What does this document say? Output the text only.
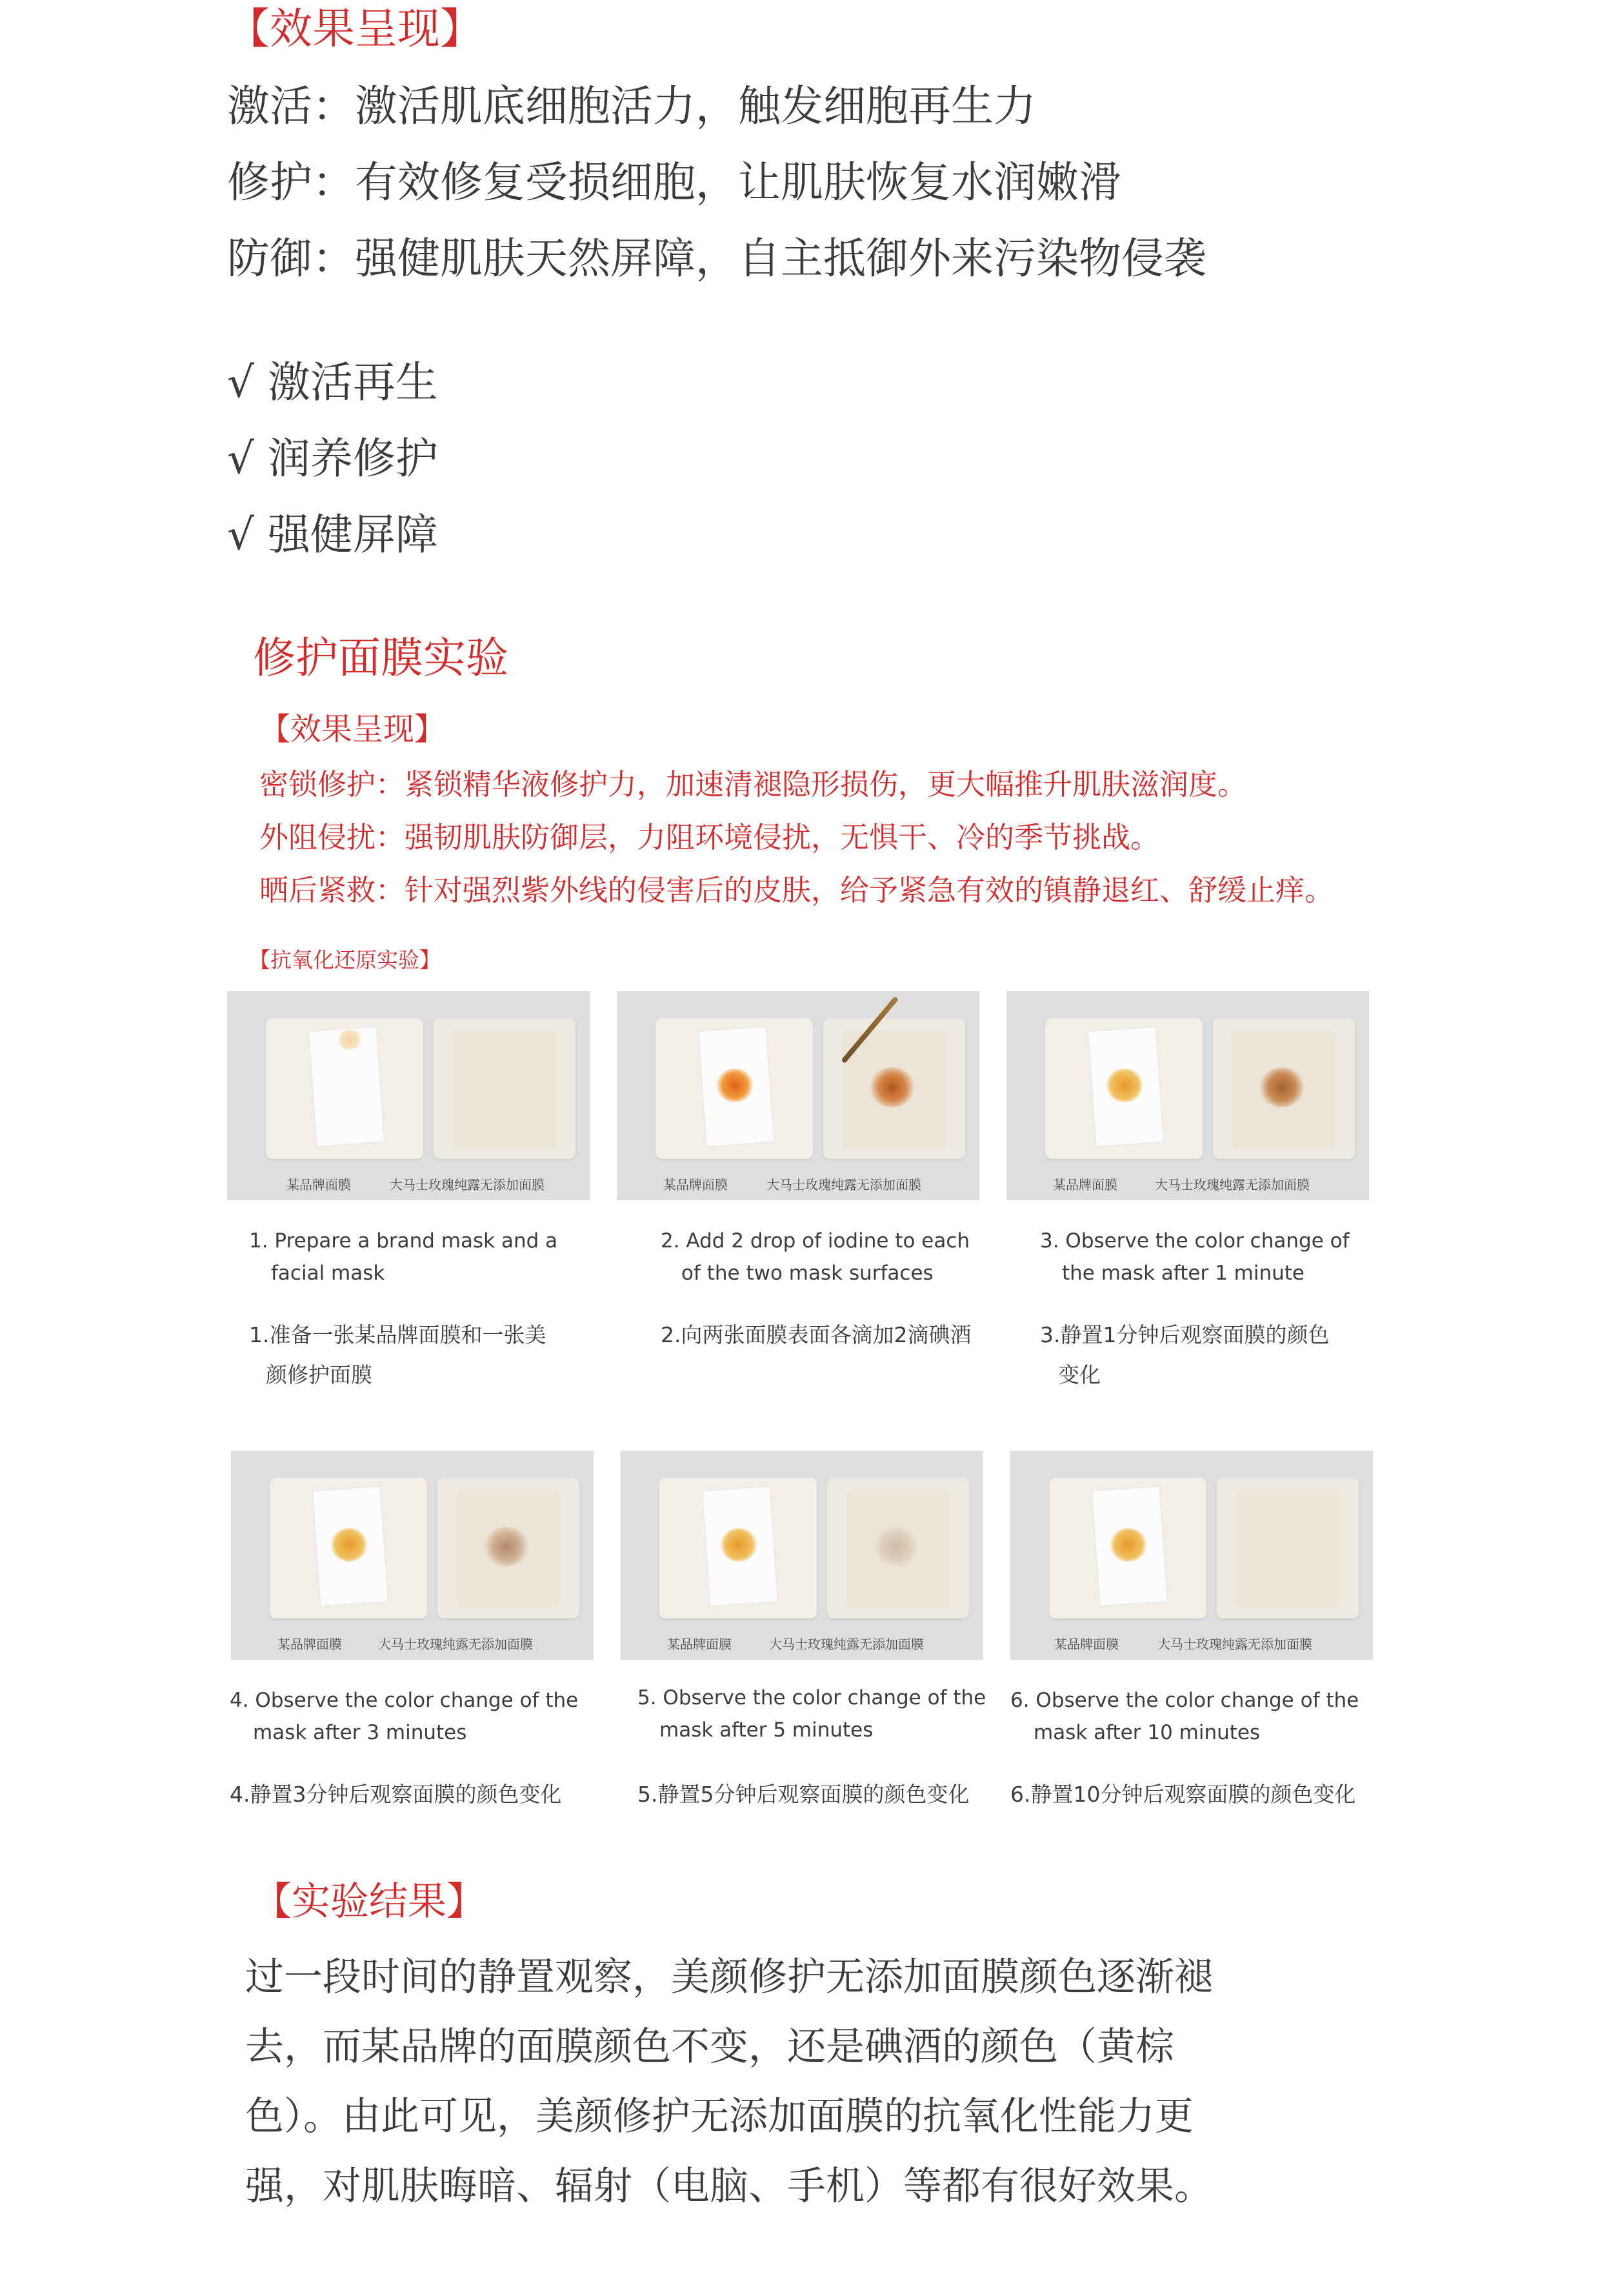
【效果呈现】
激活：激活肌底细胞活力，触发细胞再生力
修护：有效修复受损细胞，让肌肤恢复水润嫩滑
防御：强健肌肤天然屏障，自主抵御外来污染物侵袭
√ 激活再生
√ 润养修护
√ 强健屏障
修护面膜实验
【效果呈现】
密锁修护：紧锁精华液修护力，加速清褪隐形损伤，更大幅推升肌肤滋润度。
外阻侵扰：强韧肌肤防御层，力阻环境侵扰，无惧干、冷的季节挑战。
晒后紧救：针对强烈紫外线的侵害后的皮肤，给予紧急有效的镇静退红、舒缓止痒。
【抗氧化还原实验】
某品牌面膜	大马士玫瑰纯露无添加面膜	某品牌面膜	大马士玫瑰纯露无添加面膜	某品牌面膜	大马士玫瑰纯露无添加面膜
1. Prepare a brand mask and a
facial mask
1.准备一张某品牌面膜和一张美
颜修护面膜
2. Add 2 drop of iodine to each
of the two mask surfaces
2.向两张面膜表面各滴加2滴碘酒
3. Observe the color change of
the mask after 1 minute
3.静置1分钟后观察面膜的颜色
变化
某品牌面膜	大马士玫瑰纯露无添加面膜	某品牌面膜	大马士玫瑰纯露无添加面膜	某品牌面膜	大马士玫瑰纯露无添加面膜
4. Observe the color change of the
mask after 3 minutes
4.静置3分钟后观察面膜的颜色变化
5. Observe the color change of the
mask after 5 minutes
5.静置5分钟后观察面膜的颜色变化
6. Observe the color change of the
mask after 10 minutes
6.静置10分钟后观察面膜的颜色变化
【实验结果】
过一段时间的静置观察，美颜修护无添加面膜颜色逐渐褪
去，而某品牌的面膜颜色不变，还是碘酒的颜色（黄棕
色）。由此可见，美颜修护无添加面膜的抗氧化性能力更
强，对肌肤晦暗、辐射（电脑、手机）等都有很好效果。
